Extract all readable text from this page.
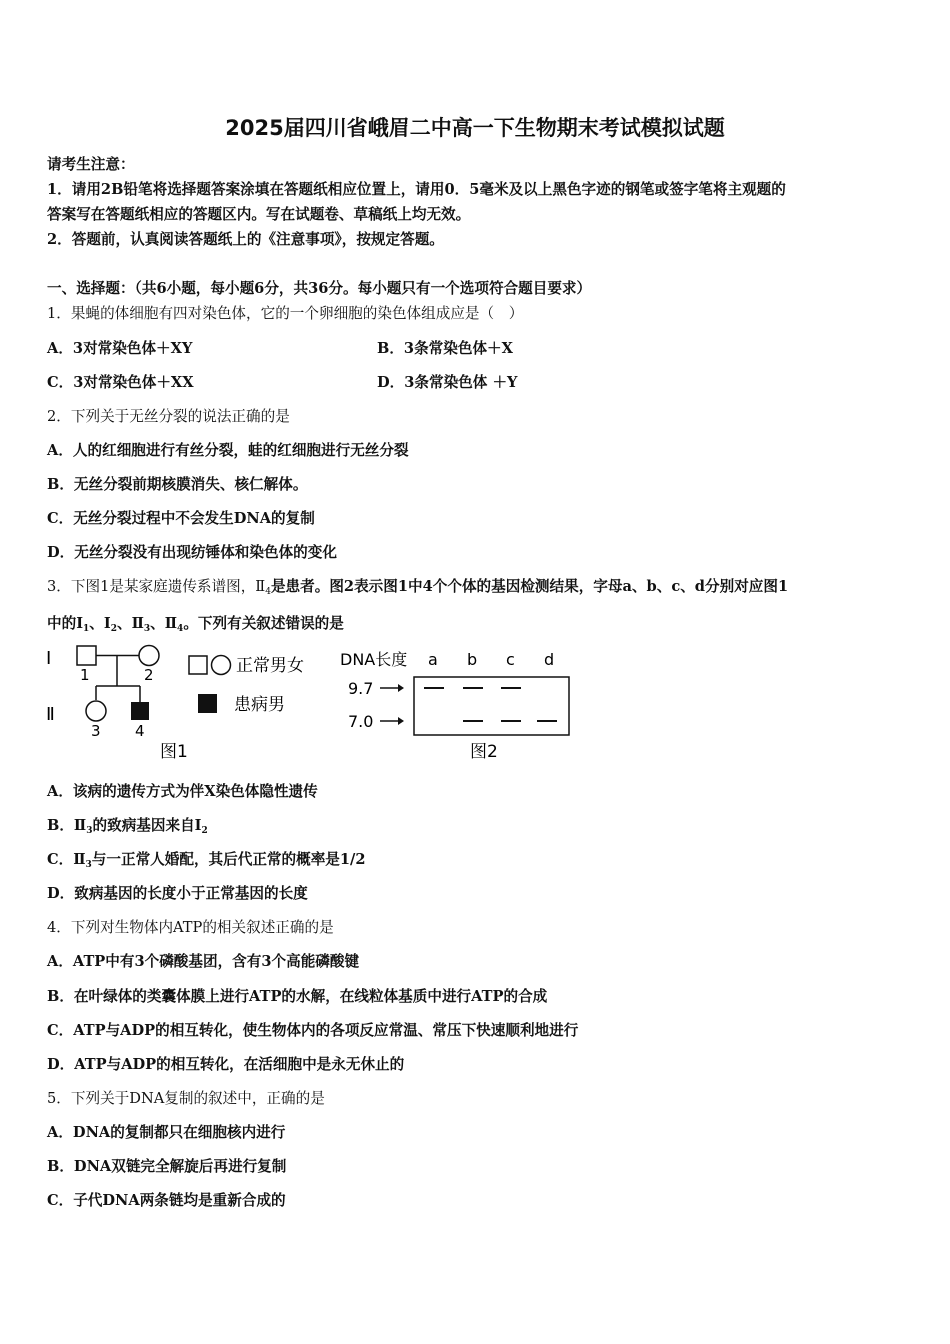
2025届四川省峨眉二中高一下生物期末考试模拟试题
请考生注意：
1．请用2B铅笔将选择题答案涂填在答题纸相应位置上，请用0．5毫米及以上黑色字迹的钢笔或签字笔将主观题的
答案写在答题纸相应的答题区内。写在试题卷、草稿纸上均无效。
2．答题前，认真阅读答题纸上的《注意事项》，按规定答题。
一、选择题：（共6小题，每小题6分，共36分。每小题只有一个选项符合题目要求）
1．果蝇的体细胞有四对染色体，它的一个卵细胞的染色体组成应是（　）
A．3对常染色体＋XY	B．3条常染色体＋X
C．3对常染色体＋XX	D．3条常染色体 ＋Y
2．下列关于无丝分裂的说法正确的是
A．人的红细胞进行有丝分裂，蛙的红细胞进行无丝分裂
B．无丝分裂前期核膜消失、核仁解体。
C．无丝分裂过程中不会发生DNA的复制
D．无丝分裂没有出现纺锤体和染色体的变化
3．下图1是某家庭遗传系谱图，$Ⅱ_4$是患者。图2表示图1中4个个体的基因检测结果，字母a、b、c、d分别对应图1
中的$Ⅰ_1$、$Ⅰ_2$、$Ⅱ_3$、$Ⅱ_4$。下列有关叙述错误的是
Ⅰ
Ⅱ
1	2
3 4
正常男女
患病男
图1
DNA长度 a b c d
9.7
7.0
图2
A．该病的遗传方式为伴X染色体隐性遗传
B．$Ⅱ_3$的致病基因来自$Ⅰ_2$
C．$Ⅱ_3$与一正常人婚配，其后代正常的概率是1/2
D．致病基因的长度小于正常基因的长度
4．下列对生物体内ATP的相关叙述正确的是
A．ATP中有3个磷酸基团，含有3个高能磷酸键
B．在叶绿体的类囊体膜上进行ATP的水解，在线粒体基质中进行ATP的合成
C．ATP与ADP的相互转化，使生物体内的各项反应常温、常压下快速顺利地进行
D．ATP与ADP的相互转化，在活细胞中是永无休止的
5．下列关于DNA复制的叙述中，正确的是
A．DNA的复制都只在细胞核内进行
B．DNA双链完全解旋后再进行复制
C．子代DNA两条链均是重新合成的
